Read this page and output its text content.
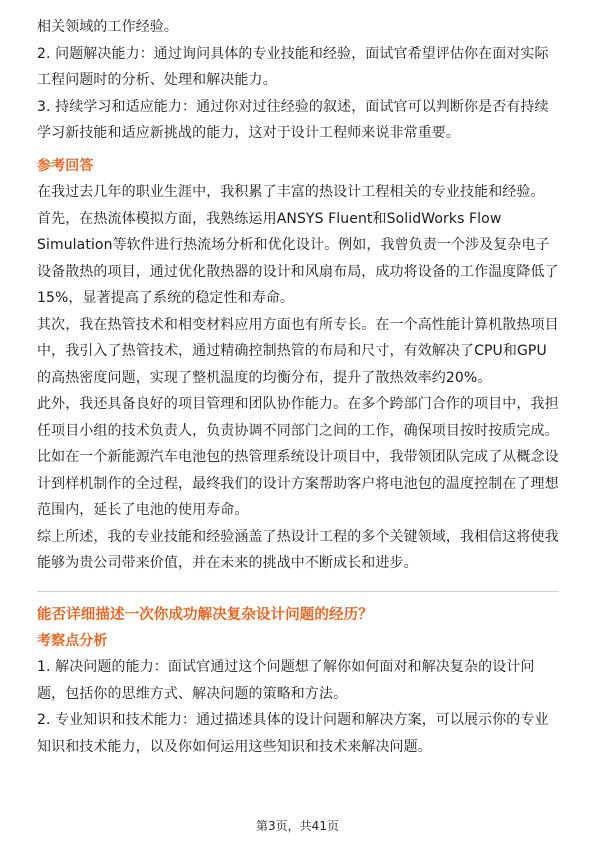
相关领域的工作经验。

2. 问题解决能力：通过询问具体的专业技能和经验，面试官希望评估你在面对实际工程问题时的分析、处理和解决能力。

3. 持续学习和适应能力：通过你对过往经验的叙述，面试官可以判断你是否有持续学习新技能和适应新挑战的能力，这对于设计工程师来说非常重要。

参考回答

在我过去几年的职业生涯中，我积累了丰富的热设计工程相关的专业技能和经验。

首先，在热流体模拟方面，我熟练运用ANSYS Fluent和SolidWorks Flow Simulation等软件进行热流场分析和优化设计。例如，我曾负责一个涉及复杂电子设备散热的项目，通过优化散热器的设计和风扇布局，成功将设备的工作温度降低了15%，显著提高了系统的稳定性和寿命。

其次，我在热管技术和相变材料应用方面也有所专长。在一个高性能计算机散热项目中，我引入了热管技术，通过精确控制热管的布局和尺寸，有效解决了CPU和GPU的高热密度问题，实现了整机温度的均衡分布，提升了散热效率约20%。

此外，我还具备良好的项目管理和团队协作能力。在多个跨部门合作的项目中，我担任项目小组的技术负责人，负责协调不同部门之间的工作，确保项目按时按质完成。比如在一个新能源汽车电池包的热管理系统设计项目中，我带领团队完成了从概念设计到样机制作的全过程，最终我们的设计方案帮助客户将电池包的温度控制在了理想范围内，延长了电池的使用寿命。

综上所述，我的专业技能和经验涵盖了热设计工程的多个关键领域，我相信这将使我能够为贵公司带来价值，并在未来的挑战中不断成长和进步。

能否详细描述一次你成功解决复杂设计问题的经历？

考察点分析

1. 解决问题的能力：面试官通过这个问题想了解你如何面对和解决复杂的设计问题，包括你的思维方式、解决问题的策略和方法。

2. 专业知识和技术能力：通过描述具体的设计问题和解决方案，可以展示你的专业知识和技术能力，以及你如何运用这些知识和技术来解决问题。

第3页，共41页
